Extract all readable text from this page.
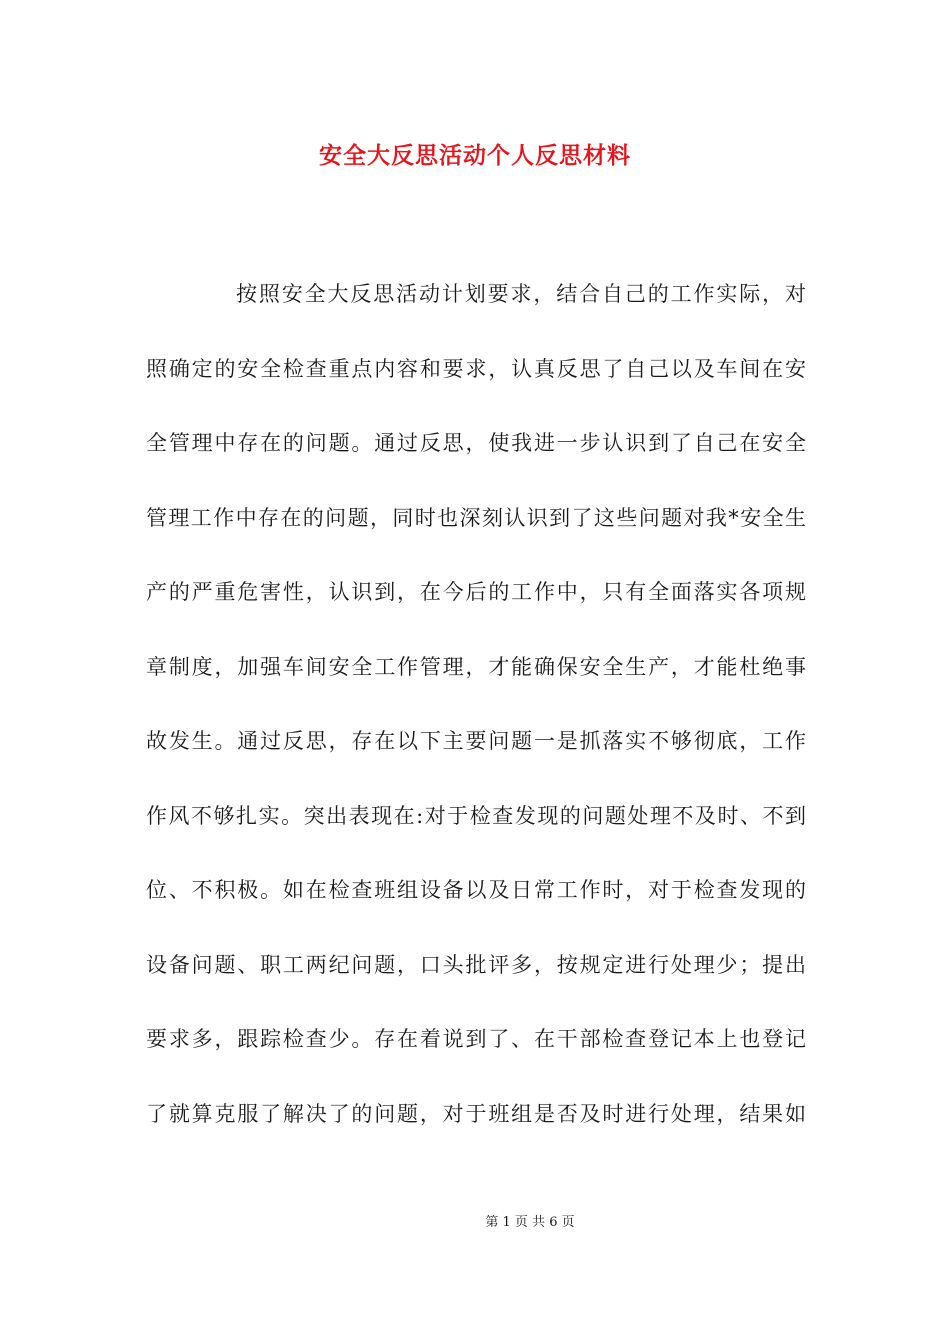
安全大反思活动个人反思材料
按照安全大反思活动计划要求，结合自己的工作实际，对
照确定的安全检查重点内容和要求，认真反思了自己以及车间在安
全管理中存在的问题。通过反思，使我进一步认识到了自己在安全
管理工作中存在的问题，同时也深刻认识到了这些问题对我*安全生
产的严重危害性，认识到，在今后的工作中，只有全面落实各项规
章制度，加强车间安全工作管理，才能确保安全生产，才能杜绝事
故发生。通过反思，存在以下主要问题一是抓落实不够彻底，工作
作风不够扎实。突出表现在:对于检查发现的问题处理不及时、不到
位、不积极。如在检查班组设备以及日常工作时，对于检查发现的
设备问题、职工两纪问题，口头批评多，按规定进行处理少；提出
要求多，跟踪检查少。存在着说到了、在干部检查登记本上也登记
了就算克服了解决了的问题，对于班组是否及时进行处理，结果如
第 1 页 共 6 页
